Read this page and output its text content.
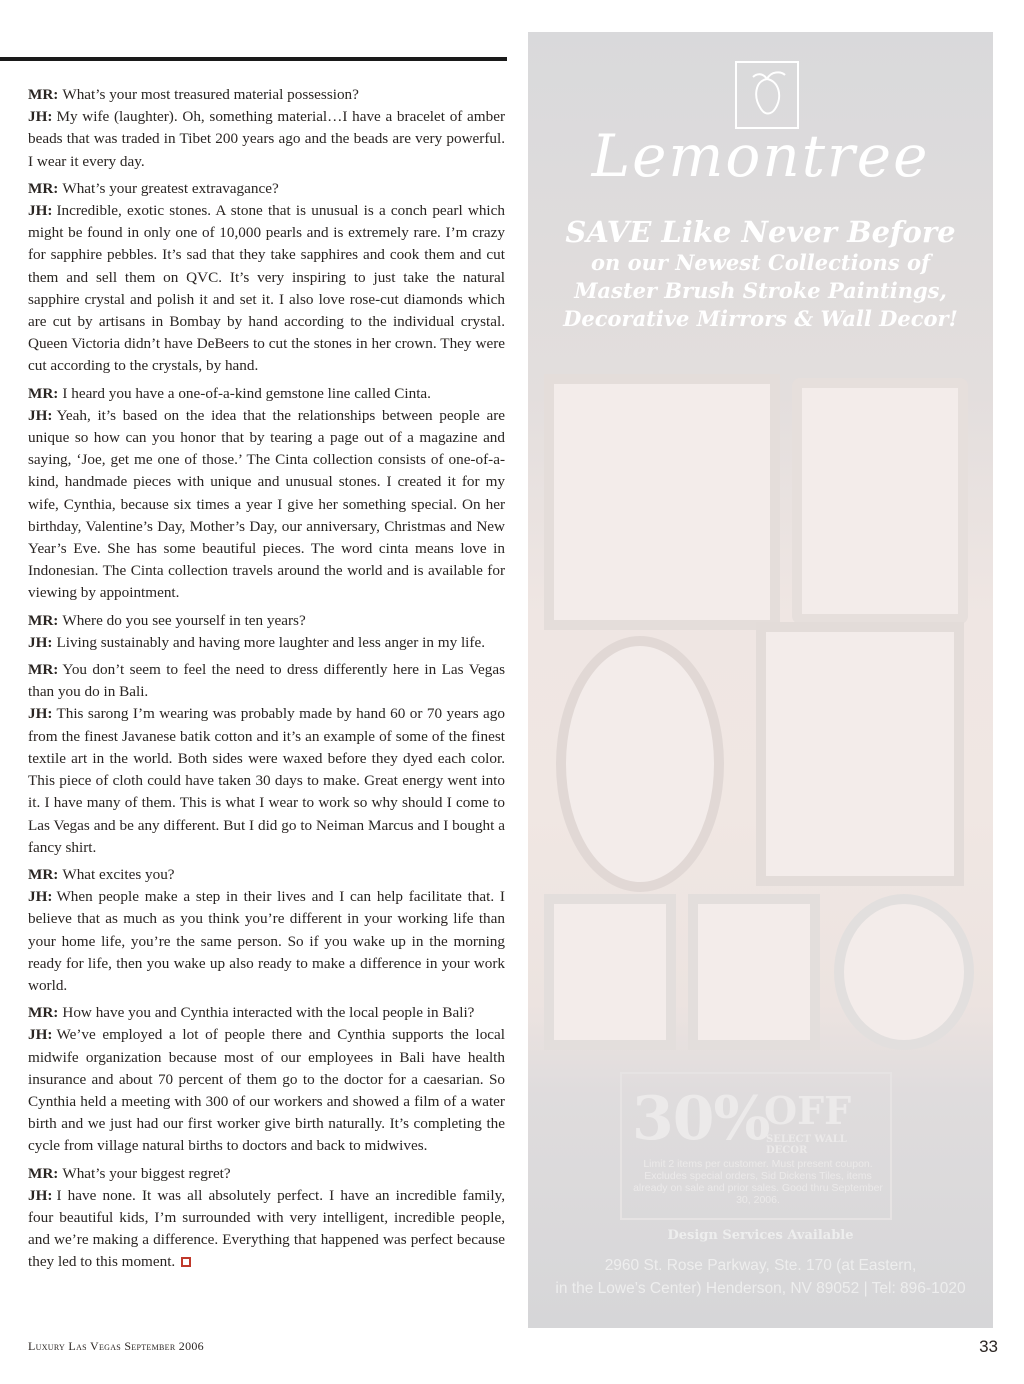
MR: What’s your most treasured material possession?

JH: My wife (laughter). Oh, something material…I have a bracelet of amber beads that was traded in Tibet 200 years ago and the beads are very powerful. I wear it every day.

MR: What’s your greatest extravagance?

JH: Incredible, exotic stones. A stone that is unusual is a conch pearl which might be found in only one of 10,000 pearls and is extremely rare. I’m crazy for sapphire pebbles. It’s sad that they take sapphires and cook them and cut them and sell them on QVC. It’s very inspiring to just take the natural sapphire crystal and polish it and set it. I also love rose-cut diamonds which are cut by artisans in Bombay by hand according to the individual crystal. Queen Victoria didn’t have DeBeers to cut the stones in her crown. They were cut according to the crystals, by hand.

MR: I heard you have a one-of-a-kind gemstone line called Cinta.

JH: Yeah, it’s based on the idea that the relationships between people are unique so how can you honor that by tearing a page out of a magazine and saying, ‘Joe, get me one of those.’ The Cinta collection consists of one-of-a-kind, handmade pieces with unique and unusual stones. I created it for my wife, Cynthia, because six times a year I give her something special. On her birthday, Valentine’s Day, Mother’s Day, our anniversary, Christmas and New Year’s Eve. She has some beautiful pieces. The word cinta means love in Indonesian. The Cinta collection travels around the world and is available for viewing by appointment.

MR: Where do you see yourself in ten years?

JH: Living sustainably and having more laughter and less anger in my life.

MR: You don’t seem to feel the need to dress differently here in Las Vegas than you do in Bali.

JH: This sarong I’m wearing was probably made by hand 60 or 70 years ago from the finest Javanese batik cotton and it’s an example of some of the finest textile art in the world. Both sides were waxed before they dyed each color. This piece of cloth could have taken 30 days to make. Great energy went into it. I have many of them. This is what I wear to work so why should I come to Las Vegas and be any different. But I did go to Neiman Marcus and I bought a fancy shirt.

MR: What excites you?

JH: When people make a step in their lives and I can help facilitate that. I believe that as much as you think you’re different in your working life than your home life, you’re the same person. So if you wake up in the morning ready for life, then you wake up also ready to make a difference in your work world.

MR: How have you and Cynthia interacted with the local people in Bali?

JH: We’ve employed a lot of people there and Cynthia supports the local midwife organization because most of our employees in Bali have health insurance and about 70 percent of them go to the doctor for a caesarian. So Cynthia held a meeting with 300 of our workers and showed a film of a water birth and we just had our first worker give birth naturally. It’s completing the cycle from village natural births to doctors and back to midwives.

MR: What’s your biggest regret?

JH: I have none. It was all absolutely perfect. I have an incredible family, four beautiful kids, I’m surrounded with very intelligent, incredible people, and we’re making a difference. Everything that happened was perfect because they led to this moment.

Luxury Las Vegas September 2006	33
Lemontree
SAVE Like Never Before
on our Newest Collections of
Master Brush Stroke Paintings,
Decorative Mirrors & Wall Decor!
30%
OFF
SELECT WALL DECOR
Limit 2 items per customer. Must present coupon. Excludes special orders, Sid Dickens Tiles, items already on sale and prior sales. Good thru September 30, 2006.
Design Services Available
2960 St. Rose Parkway, Ste. 170 (at Eastern,
in the Lowe’s Center) Henderson, NV 89052 | Tel: 896-1020
